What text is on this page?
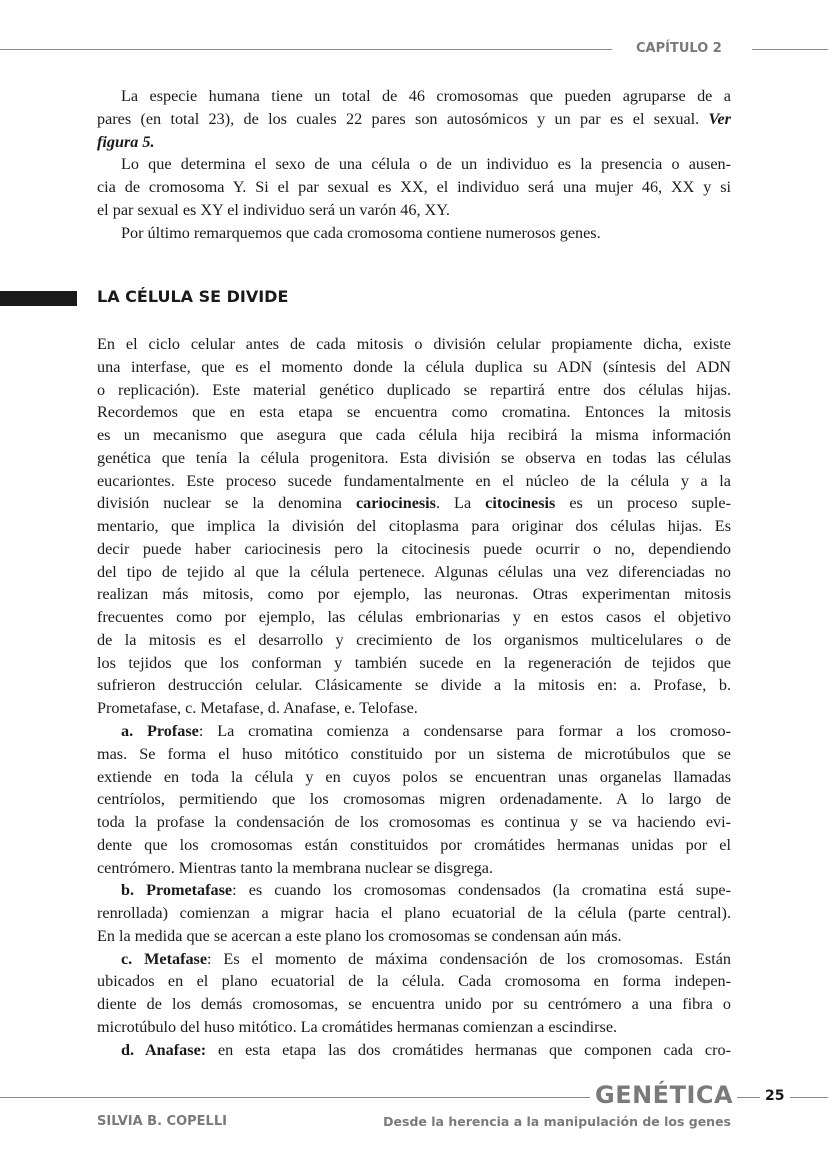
CAPÍTULO 2
La especie humana tiene un total de 46 cromosomas que pueden agruparse de a
pares (en total 23), de los cuales 22 pares son autosómicos y un par es el sexual. Ver
figura 5.
Lo que determina el sexo de una célula o de un individuo es la presencia o ausen-
cia de cromosoma Y. Si el par sexual es XX, el individuo será una mujer 46, XX y si
el par sexual es XY el individuo será un varón 46, XY.
Por último remarquemos que cada cromosoma contiene numerosos genes.
LA CÉLULA SE DIVIDE
En el ciclo celular antes de cada mitosis o división celular propiamente dicha, existe
una interfase, que es el momento donde la célula duplica su ADN (síntesis del ADN
o replicación). Este material genético duplicado se repartirá entre dos células hijas.
Recordemos que en esta etapa se encuentra como cromatina. Entonces la mitosis
es un mecanismo que asegura que cada célula hija recibirá la misma información
genética que tenía la célula progenitora. Esta división se observa en todas las células
eucariontes. Este proceso sucede fundamentalmente en el núcleo de la célula y a la
división nuclear se la denomina cariocinesis. La citocinesis es un proceso suple-
mentario, que implica la división del citoplasma para originar dos células hijas. Es
decir puede haber cariocinesis pero la citocinesis puede ocurrir o no, dependiendo
del tipo de tejido al que la célula pertenece. Algunas células una vez diferenciadas no
realizan más mitosis, como por ejemplo, las neuronas. Otras experimentan mitosis
frecuentes como por ejemplo, las células embrionarias y en estos casos el objetivo
de la mitosis es el desarrollo y crecimiento de los organismos multicelulares o de
los tejidos que los conforman y también sucede en la regeneración de tejidos que
sufrieron destrucción celular. Clásicamente se divide a la mitosis en: a. Profase, b.
Prometafase, c. Metafase, d. Anafase, e. Telofase.
a. Profase: La cromatina comienza a condensarse para formar a los cromoso-
mas. Se forma el huso mitótico constituido por un sistema de microtúbulos que se
extiende en toda la célula y en cuyos polos se encuentran unas organelas llamadas
centríolos, permitiendo que los cromosomas migren ordenadamente. A lo largo de
toda la profase la condensación de los cromosomas es continua y se va haciendo evi-
dente que los cromosomas están constituidos por cromátides hermanas unidas por el
centrómero. Mientras tanto la membrana nuclear se disgrega.
b. Prometafase: es cuando los cromosomas condensados (la cromatina está supe-
renrollada) comienzan a migrar hacia el plano ecuatorial de la célula (parte central).
En la medida que se acercan a este plano los cromosomas se condensan aún más.
c. Metafase: Es el momento de máxima condensación de los cromosomas. Están
ubicados en el plano ecuatorial de la célula. Cada cromosoma en forma indepen-
diente de los demás cromosomas, se encuentra unido por su centrómero a una fibra o
microtúbulo del huso mitótico. La cromátides hermanas comienzan a escindirse.
d. Anafase: en esta etapa las dos cromátides hermanas que componen cada cro-
GENÉTICA 25
SILVIA B. COPELLI	Desde la herencia a la manipulación de los genes
